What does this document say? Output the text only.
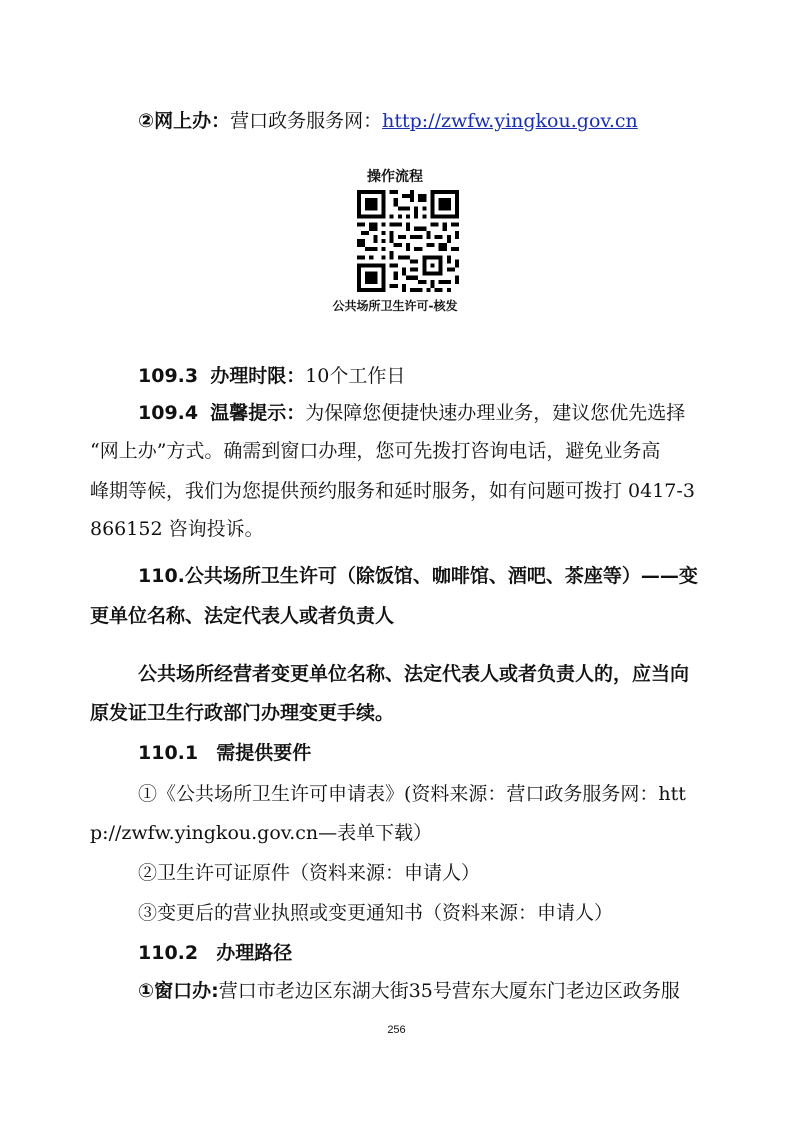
②网上办：营口政务服务网：http://zwfw.yingkou.gov.cn
操作流程
公共场所卫生许可-核发
109.3 办理时限：10个工作日
109.4 温馨提示：为保障您便捷快速办理业务，建议您优先选择
“网上办”方式。确需到窗口办理，您可先拨打咨询电话，避免业务高
峰期等候，我们为您提供预约服务和延时服务，如有问题可拨打 0417-3
866152 咨询投诉。
110.公共场所卫生许可（除饭馆、咖啡馆、酒吧、茶座等）——变
更单位名称、法定代表人或者负责人
公共场所经营者变更单位名称、法定代表人或者负责人的，应当向
原发证卫生行政部门办理变更手续。
110.1 需提供要件
①《公共场所卫生许可申请表》(资料来源：营口政务服务网：htt
p://zwfw.yingkou.gov.cn—表单下载）
②卫生许可证原件（资料来源：申请人）
③变更后的营业执照或变更通知书（资料来源：申请人）
110.2 办理路径
①窗口办:营口市老边区东湖大街35号营东大厦东门老边区政务服
256
